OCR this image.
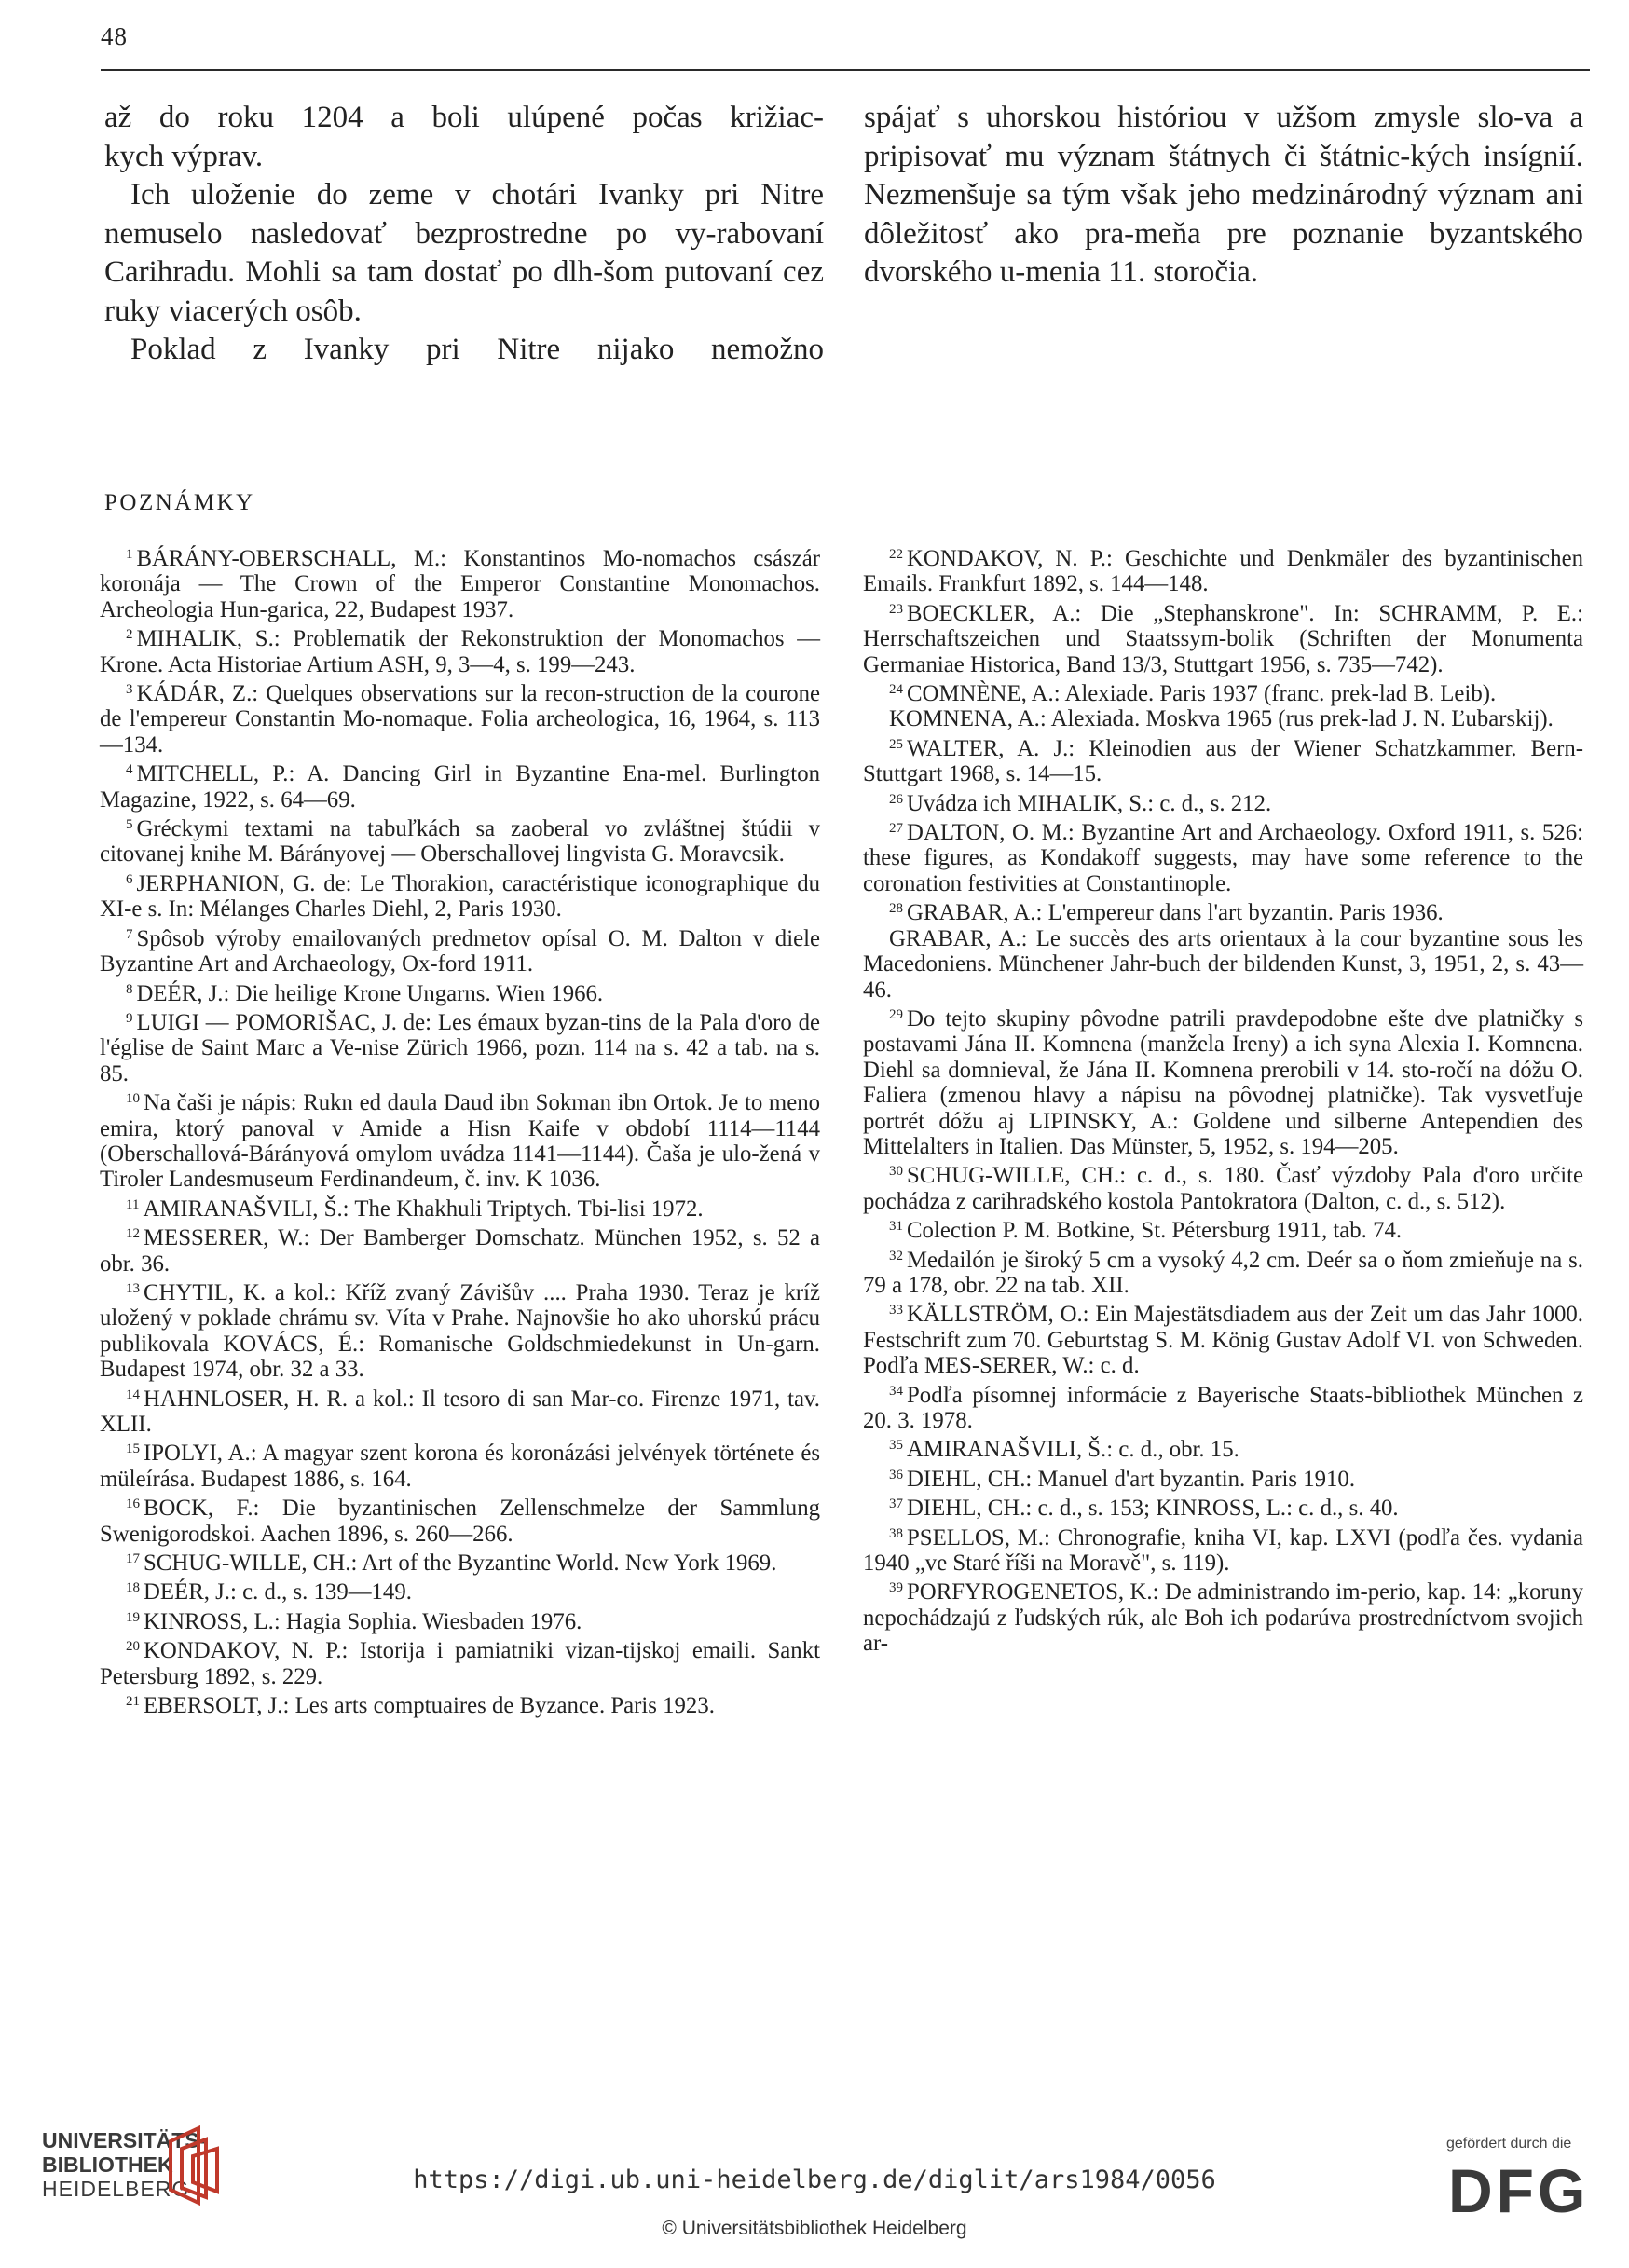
48

až do roku 1204 a boli ulúpené počas križiac-

kych výprav.

Ich uloženie do zeme v chotári Ivanky pri Nitre nemuselo nasledovať bezprostredne po vy-rabovaní Carihradu. Mohli sa tam dostať po dlh-šom putovaní cez ruky viacerých osôb.

Poklad z Ivanky pri Nitre nijako nemožno

spájať s uhorskou históriou v užšom zmysle slo-va a pripisovať mu význam štátnych či štátnic-kých insígnií. Nezmenšuje sa tým však jeho medzinárodný význam ani dôležitosť ako pra-meňa pre poznanie byzantského dvorského u-menia 11. storočia.

POZNÁMKY

$^1$ BÁRÁNY-OBERSCHALL, M.: Konstantinos Mo-nomachos császár koronája — The Crown of the Emperor Constantine Monomachos. Archeologia Hun-garica, 22, Budapest 1937.

$^2$ MIHALIK, S.: Problematik der Rekonstruktion der Monomachos — Krone. Acta Historiae Artium ASH, 9, 3—4, s. 199—243.

$^3$ KÁDÁR, Z.: Quelques observations sur la recon-struction de la courone de l'empereur Constantin Mo-nomaque. Folia archeologica, 16, 1964, s. 113—134.

$^4$ MITCHELL, P.: A. Dancing Girl in Byzantine Ena-mel. Burlington Magazine, 1922, s. 64—69.

$^5$ Gréckymi textami na tabuľkách sa zaoberal vo zvláštnej štúdii v citovanej knihe M. Bárányovej — Oberschallovej lingvista G. Moravcsik.

$^6$ JERPHANION, G. de: Le Thorakion, caractéristique iconographique du XI-e s. In: Mélanges Charles Diehl, 2, Paris 1930.

$^7$ Spôsob výroby emailovaných predmetov opísal O. M. Dalton v diele Byzantine Art and Archaeology, Ox-ford 1911.

$^8$ DEÉR, J.: Die heilige Krone Ungarns. Wien 1966.

$^9$ LUIGI — POMORIŠAC, J. de: Les émaux byzan-tins de la Pala d'oro de l'église de Saint Marc a Ve-nise Zürich 1966, pozn. 114 na s. 42 a tab. na s. 85.

$^{10}$ Na čaši je nápis: Rukn ed daula Daud ibn Sokman ibn Ortok. Je to meno emira, ktorý panoval v Amide a Hisn Kaife v období 1114—1144 (Oberschallová-Bárányová omylom uvádza 1141—1144). Čaša je ulo-žená v Tiroler Landesmuseum Ferdinandeum, č. inv. K 1036.

$^{11}$ AMIRANAŠVILI, Š.: The Khakhuli Triptych. Tbi-lisi 1972.

$^{12}$ MESSERER, W.: Der Bamberger Domschatz. München 1952, s. 52 a obr. 36.

$^{13}$ CHYTIL, K. a kol.: Kříž zvaný Závišův .... Praha 1930. Teraz je kríž uložený v poklade chrámu sv. Víta v Prahe. Najnovšie ho ako uhorskú prácu publikovala KOVÁCS, É.: Romanische Goldschmiedekunst in Un-garn. Budapest 1974, obr. 32 a 33.

$^{14}$ HAHNLOSER, H. R. a kol.: Il tesoro di san Mar-co. Firenze 1971, tav. XLII.

$^{15}$ IPOLYI, A.: A magyar szent korona és koronázási jelvények története és müleírása. Budapest 1886, s. 164.

$^{16}$ BOCK, F.: Die byzantinischen Zellenschmelze der Sammlung Swenigorodskoi. Aachen 1896, s. 260—266.

$^{17}$ SCHUG-WILLE, CH.: Art of the Byzantine World. New York 1969.

$^{18}$ DEÉR, J.: c. d., s. 139—149.

$^{19}$ KINROSS, L.: Hagia Sophia. Wiesbaden 1976.

$^{20}$ KONDAKOV, N. P.: Istorija i pamiatniki vizan-tijskoj emaili. Sankt Petersburg 1892, s. 229.

$^{21}$ EBERSOLT, J.: Les arts comptuaires de Byzance. Paris 1923.

$^{22}$ KONDAKOV, N. P.: Geschichte und Denkmäler des byzantinischen Emails. Frankfurt 1892, s. 144—148.

$^{23}$ BOECKLER, A.: Die „Stephanskrone". In: SCHRAMM, P. E.: Herrschaftszeichen und Staatssym-bolik (Schriften der Monumenta Germaniae Historica, Band 13/3, Stuttgart 1956, s. 735—742).

$^{24}$ COMNÈNE, A.: Alexiade. Paris 1937 (franc. prek-lad B. Leib).

KOMNENA, A.: Alexiada. Moskva 1965 (rus prek-lad J. N. Ľubarskij).

$^{25}$ WALTER, A. J.: Kleinodien aus der Wiener Schatzkammer. Bern-Stuttgart 1968, s. 14—15.

$^{26}$ Uvádza ich MIHALIK, S.: c. d., s. 212.

$^{27}$ DALTON, O. M.: Byzantine Art and Archaeology. Oxford 1911, s. 526: these figures, as Kondakoff suggests, may have some reference to the coronation festivities at Constantinople.

$^{28}$ GRABAR, A.: L'empereur dans l'art byzantin. Paris 1936.

GRABAR, A.: Le succès des arts orientaux à la cour byzantine sous les Macedoniens. Münchener Jahr-buch der bildenden Kunst, 3, 1951, 2, s. 43—46.

$^{29}$ Do tejto skupiny pôvodne patrili pravdepodobne ešte dve platničky s postavami Jána II. Komnena (manžela Ireny) a ich syna Alexia I. Komnena. Diehl sa domnieval, že Jána II. Komnena prerobili v 14. sto-ročí na dóžu O. Faliera (zmenou hlavy a nápisu na pôvodnej platničke). Tak vysvetľuje portrét dóžu aj LIPINSKY, A.: Goldene und silberne Antependien des Mittelalters in Italien. Das Münster, 5, 1952, s. 194—205.

$^{30}$ SCHUG-WILLE, CH.: c. d., s. 180. Časť výzdoby Pala d'oro určite pochádza z carihradského kostola Pantokratora (Dalton, c. d., s. 512).

$^{31}$ Colection P. M. Botkine, St. Pétersburg 1911, tab. 74.

$^{32}$ Medailón je široký 5 cm a vysoký 4,2 cm. Deér sa o ňom zmieňuje na s. 79 a 178, obr. 22 na tab. XII.

$^{33}$ KÄLLSTRÖM, O.: Ein Majestätsdiadem aus der Zeit um das Jahr 1000. Festschrift zum 70. Geburtstag S. M. König Gustav Adolf VI. von Schweden. Podľa MES-SERER, W.: c. d.

$^{34}$ Podľa písomnej informácie z Bayerische Staats-bibliothek München z 20. 3. 1978.

$^{35}$ AMIRANAŠVILI, Š.: c. d., obr. 15.

$^{36}$ DIEHL, CH.: Manuel d'art byzantin. Paris 1910.

$^{37}$ DIEHL, CH.: c. d., s. 153; KINROSS, L.: c. d., s. 40.

$^{38}$ PSELLOS, M.: Chronografie, kniha VI, kap. LXVI (podľa čes. vydania 1940 „ve Staré říši na Moravě", s. 119).

$^{39}$ PORFYROGENETOS, K.: De administrando im-perio, kap. 14: „koruny nepochádzajú z ľudských rúk, ale Boh ich podarúva prostredníctvom svojich ar-

UNIVERSITÄTS-
BIBLIOTHEK
HEIDELBERG	https://digi.ub.uni-heidelberg.de/diglit/ars1984/0056
© Universitätsbibliothek Heidelberg
gefördert durch die
DFG
